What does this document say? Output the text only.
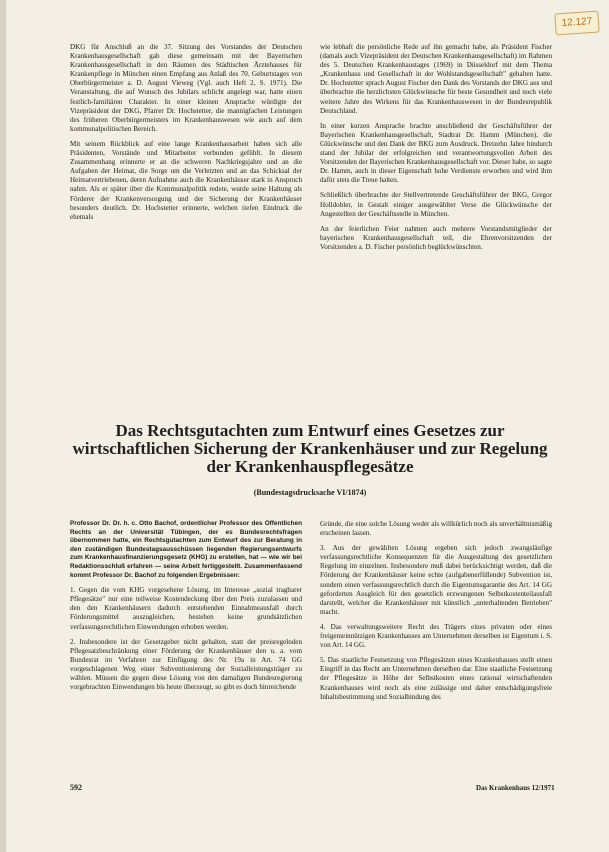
12.127

DKG für Anschluß an die 37. Sitzung des Vorstandes der Deutschen Krankenhausgesellschaft gab diese gemeinsam mit der Bayerischen Krankenhausgesellschaft in den Räumen des Städtischen Ärztehauses für Krankenpflege in München einen Empfang aus Anlaß des 70. Geburtstages von Oberbürgermeister a. D. August Vieweg (Vgl. auch Heft 2, S. 1971). Die Veranstaltung, die auf Wunsch des Jubilars schlicht angelegt war, hatte einen festlich-familiären Charakter. In einer kleinen Ansprache würdigte der Vizepräsident der DKG, Pfarrer Dr. Hochstetter, die mannigfachen Leistungen des früheren Oberbürgermeisters im Krankenhauswesen wie auch auf dem kommunalpolitischen Bereich.

Mit seinem Rückblick auf eine lange Krankenhausarbeit haben sich alle Präsidenten, Vorstände und Mitarbeiter verbunden gefühlt. In diesem Zusammenhang erinnerte er an die schweren Nachkriegsjahre und an die Aufgaben der Heimat, die Sorge um die Verletzten und an das Schicksal der Heimatvertriebenen, deren Aufnahme auch die Krankenhäuser stark in Anspruch nahm. Als er später über die Kommunalpolitik redete, wurde seine Haltung als Förderer der Krankenversorgung und der Sicherung der Krankenhäuser besonders deutlich. Dr. Hochstetter erinnerte, welchen tiefen Eindruck die ehemals

wie lebhaft die persönliche Rede auf ihn gemacht habe, als Präsident Fischer (damals auch Vizepräsident der Deutschen Krankenhausgesellschaft) im Rahmen des 5. Deutschen Krankenhaustages (1969) in Düsseldorf mit dem Thema „Krankenhaus und Gesellschaft in der Wohlstandsgesellschaft" gehalten hatte. Dr. Hochstetter sprach August Fischer den Dank des Vorstands der DKG aus und überbrachte die herzlichsten Glückwünsche für beste Gesundheit und noch viele weitere Jahre des Wirkens für das Krankenhauswesen in der Bundesrepublik Deutschland.

In einer kurzen Ansprache brachte anschließend der Geschäftsführer der Bayerischen Krankenhausgesellschaft, Stadtrat Dr. Hamm (München), die Glückwünsche und den Dank der BKG zum Ausdruck. Dreizehn Jahre hindurch stand der Jubilar der erfolgreichen und verantwortungsvollen Arbeit des Vorsitzenden der Bayerischen Krankenhausgesellschaft vor. Dieser habe, so sagte Dr. Hamm, auch in dieser Eigenschaft hohe Verdienste erworben und wird ihm dafür stets die Treue halten.

Schließlich überbrachte der Stellvertretende Geschäftsführer der BKG, Gregor Holldobler, in Gestalt einiger ausgewählter Verse die Glückwünsche der Angestellten der Geschäftsstelle in München.

An der feierlichen Feier nahmen auch mehrere Vorstandsmitglieder der bayerischen Krankenhausgesellschaft teil, die Ehrenvorsitzenden der Vorsitzenden a. D. Fischer persönlich beglückwünschten.

Das Rechtsgutachten zum Entwurf eines Gesetzes zur wirtschaftlichen Sicherung der Krankenhäuser und zur Regelung der Krankenhauspflegesätze
(Bundestagsdrucksache VI/1874)

Professor Dr. Dr. h. c. Otto Bachof, ordentlicher Professor des Öffentlichen Rechts an der Universität Tübingen, der es Bundesrechtsfragen übernommen hatte, ein Rechtsgutachten zum Entwurf des zur Beratung in den zuständigen Bundestagsausschüssen liegenden Regierungsentwurfs zum Krankenhausfinanzierungsgesetz (KHG) zu erstellen, hat — wie wir bei Redaktionsschluß erfahren — seine Arbeit fertiggestellt. Zusammenfassend kommt Professor Dr. Bachof zu folgenden Ergebnissen:

1. Gegen die vom KHG vorgesehene Lösung, im Interesse „sozial tragbarer Pflegesätze" nur eine teilweise Kostendeckung über den Preis zuzulassen und den den Krankenhäusern dadurch entstehenden Einnahmeausfall durch Förderungsmittel auszugleichen, bestehen keine grundsätzlichen verfassungsrechtlichen Einwendungen erhoben werden.

2. Insbesondere ist der Gesetzgeber nicht gehalten, statt der preisregelnden Pflegesatzbeschränkung einer Förderung der Krankenhäuser den u. a. vom Bundesrat im Verfahren zur Einfügung des Nr. 19a in Art. 74 GG vorgeschlagenen Weg einer Subventionierung der Sozialleistungsträger zu wählen. Müssen die gegen diese Lösung von den damaligen Bundesregierung vorgebrachten Einwendungen bis heute überzeugt, so gibt es doch hinreichende

Gründe, die eine solche Lösung weder als willkürlich noch als unverhältnismäßig erscheinen lassen.

3. Aus der gewählten Lösung ergeben sich jedoch zwangsläufige verfassungsrechtliche Konsequenzen für die Ausgestaltung des gesetzlichen Regelung im einzelnen. Insbesondere muß dabei berücksichtigt werden, daß die Förderung der Krankenhäuser keine echte (aufgabenerfüllende) Subvention ist, sondern einen verfassungsrechtlich durch die Eigentumsgarantie des Art. 14 GG geforderten Ausgleich für den gesetzlich erzwungenen Selbstkostenteilausfall darstellt, welcher die Krankenhäuser mit künstlich „unterhaltenden Betrieben" macht.

4. Das verwaltungsweitere Recht des Trägers eines privaten oder eines freigemeinnützigen Krankenhauses am Unternehmen derselben ist Eigentum i. S. von Art. 14 GG.

5. Das staatliche Festsetzung von Pflegesätzen eines Krankenhauses stellt einen Eingriff in das Recht am Unternehmen derselben dar. Eine staatliche Festsetzung der Pflegesätze in Höhe der Selbstkosten eines rational wirtschaftenden Krankenhauses wird noch als eine zulässige und daher entschädigungsfreie Inhaltsbestimmung und Sozialbindung des

592	Das Krankenhaus 12/1971
